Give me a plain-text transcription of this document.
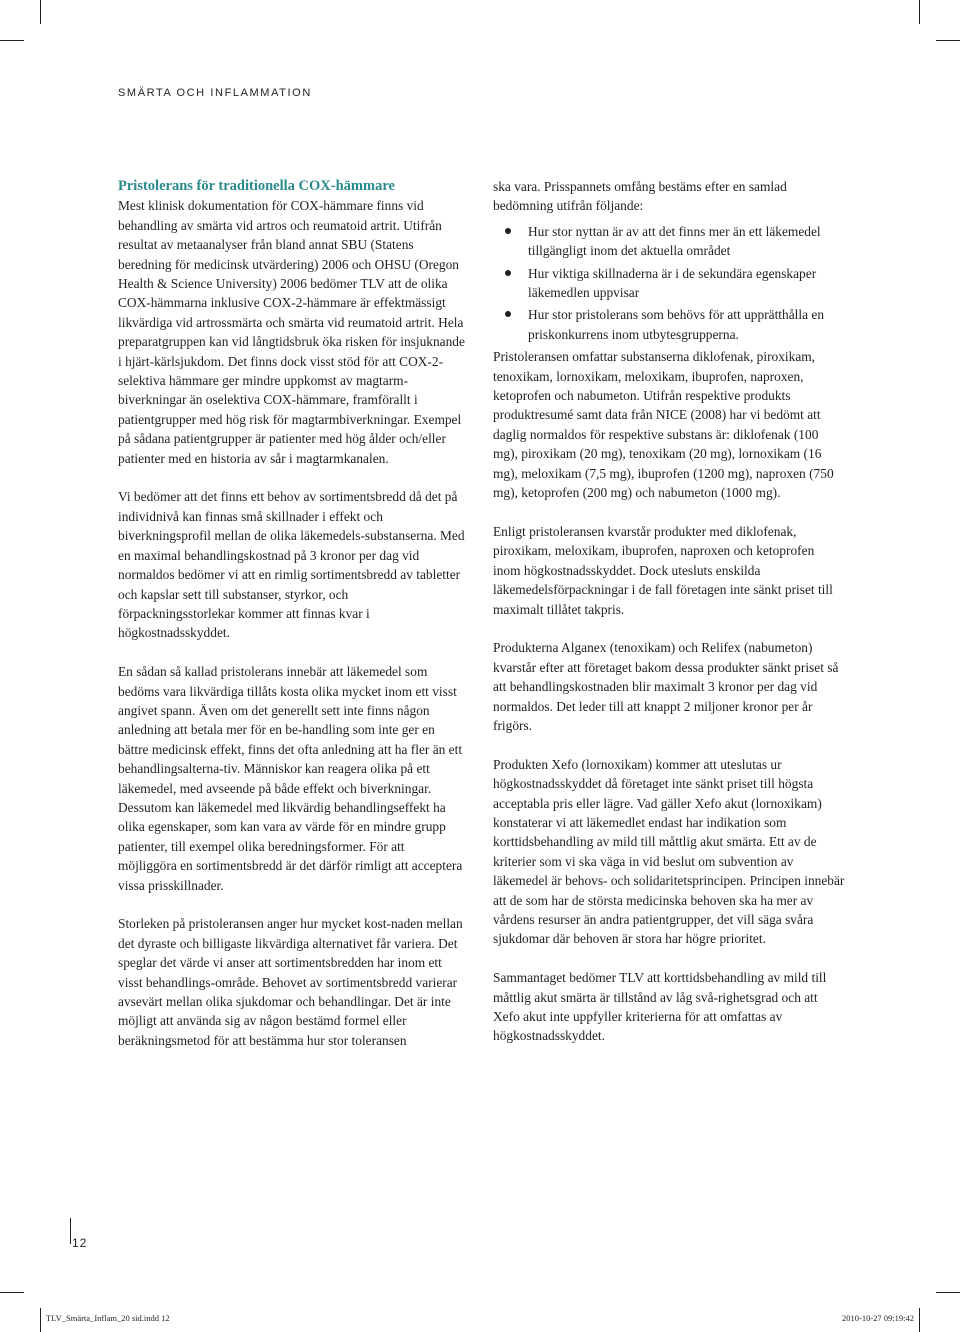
SMÄRTA OCH INFLAMMATION
Pristolerans för traditionella COX-hämmare

Mest klinisk dokumentation för COX-hämmare finns vid behandling av smärta vid artros och reumatoid artrit. Utifrån resultat av metaanalyser från bland annat SBU (Statens beredning för medicinsk utvärdering) 2006 och OHSU (Oregon Health & Science University) 2006 bedömer TLV att de olika COX-hämmarna inklusive COX-2-hämmare är effektmässigt likvärdiga vid artrossmärta och smärta vid reumatoid artrit. Hela preparatgruppen kan vid långtidsbruk öka risken för insjuknande i hjärt-kärlsjukdom. Det finns dock visst stöd för att COX-2-selektiva hämmare ger mindre uppkomst av magtarm-biverkningar än oselektiva COX-hämmare, framförallt i patientgrupper med hög risk för magtarmbiverkningar. Exempel på sådana patientgrupper är patienter med hög ålder och/eller patienter med en historia av sår i magtarmkanalen.

Vi bedömer att det finns ett behov av sortimentsbredd då det på individnivå kan finnas små skillnader i effekt och biverkningsprofil mellan de olika läkemedels-substanserna. Med en maximal behandlingskostnad på 3 kronor per dag vid normaldos bedömer vi att en rimlig sortimentsbredd av tabletter och kapslar sett till substanser, styrkor, och förpackningsstorlekar kommer att finnas kvar i högkostnadsskyddet.

En sådan så kallad pristolerans innebär att läkemedel som bedöms vara likvärdiga tillåts kosta olika mycket inom ett visst angivet spann. Även om det generellt sett inte finns någon anledning att betala mer för en be-handling som inte ger en bättre medicinsk effekt, finns det ofta anledning att ha fler än ett behandlingsalterna-tiv. Människor kan reagera olika på ett läkemedel, med avseende på både effekt och biverkningar. Dessutom kan läkemedel med likvärdig behandlingseffekt ha olika egenskaper, som kan vara av värde för en mindre grupp patienter, till exempel olika beredningsformer. För att möjliggöra en sortimentsbredd är det därför rimligt att acceptera vissa prisskillnader.

Storleken på pristoleransen anger hur mycket kost-naden mellan det dyraste och billigaste likvärdiga alternativet får variera. Det speglar det värde vi anser att sortimentsbredden har inom ett visst behandlings-område. Behovet av sortimentsbredd varierar avsevärt mellan olika sjukdomar och behandlingar. Det är inte möjligt att använda sig av någon bestämd formel eller beräkningsmetod för att bestämma hur stor toleransen

ska vara. Prisspannets omfång bestäms efter en samlad bedömning utifrån följande:

Hur stor nyttan är av att det finns mer än ett läkemedel tillgängligt inom det aktuella området
Hur viktiga skillnaderna är i de sekundära egenskaper läkemedlen uppvisar
Hur stor pristolerans som behövs för att upprätthålla en priskonkurrens inom utbytesgrupperna.

Pristoleransen omfattar substanserna diklofenak, piroxikam, tenoxikam, lornoxikam, meloxikam, ibuprofen, naproxen, ketoprofen och nabumeton. Utifrån respektive produkts produktresumé samt data från NICE (2008) har vi bedömt att daglig normaldos för respektive substans är: diklofenak (100 mg), piroxikam (20 mg), tenoxikam (20 mg), lornoxikam (16 mg), meloxikam (7,5 mg), ibuprofen (1200 mg), naproxen (750 mg), ketoprofen (200 mg) och nabumeton (1000 mg).

Enligt pristoleransen kvarstår produkter med diklofenak, piroxikam, meloxikam, ibuprofen, naproxen och ketoprofen inom högkostnadsskyddet. Dock utesluts enskilda läkemedelsförpackningar i de fall företagen inte sänkt priset till maximalt tillåtet takpris.

Produkterna Alganex (tenoxikam) och Relifex (nabumeton) kvarstår efter att företaget bakom dessa produkter sänkt priset så att behandlingskostnaden blir maximalt 3 kronor per dag vid normaldos. Det leder till att knappt 2 miljoner kronor per år frigörs.

Produkten Xefo (lornoxikam) kommer att uteslutas ur högkostnadsskyddet då företaget inte sänkt priset till högsta acceptabla pris eller lägre. Vad gäller Xefo akut (lornoxikam) konstaterar vi att läkemedlet endast har indikation som korttidsbehandling av mild till måttlig akut smärta. Ett av de kriterier som vi ska väga in vid beslut om subvention av läkemedel är behovs- och solidaritetsprincipen. Principen innebär att de som har de största medicinska behoven ska ha mer av vårdens resurser än andra patientgrupper, det vill säga svåra sjukdomar där behoven är stora har högre prioritet.

Sammantaget bedömer TLV att korttidsbehandling av mild till måttlig akut smärta är tillstånd av låg svå-righetsgrad och att Xefo akut inte uppfyller kriterierna för att omfattas av högkostnadsskyddet.

12
TLV_Smärta_Inflam_20 sid.indd 12	2010-10-27 09:19:42
